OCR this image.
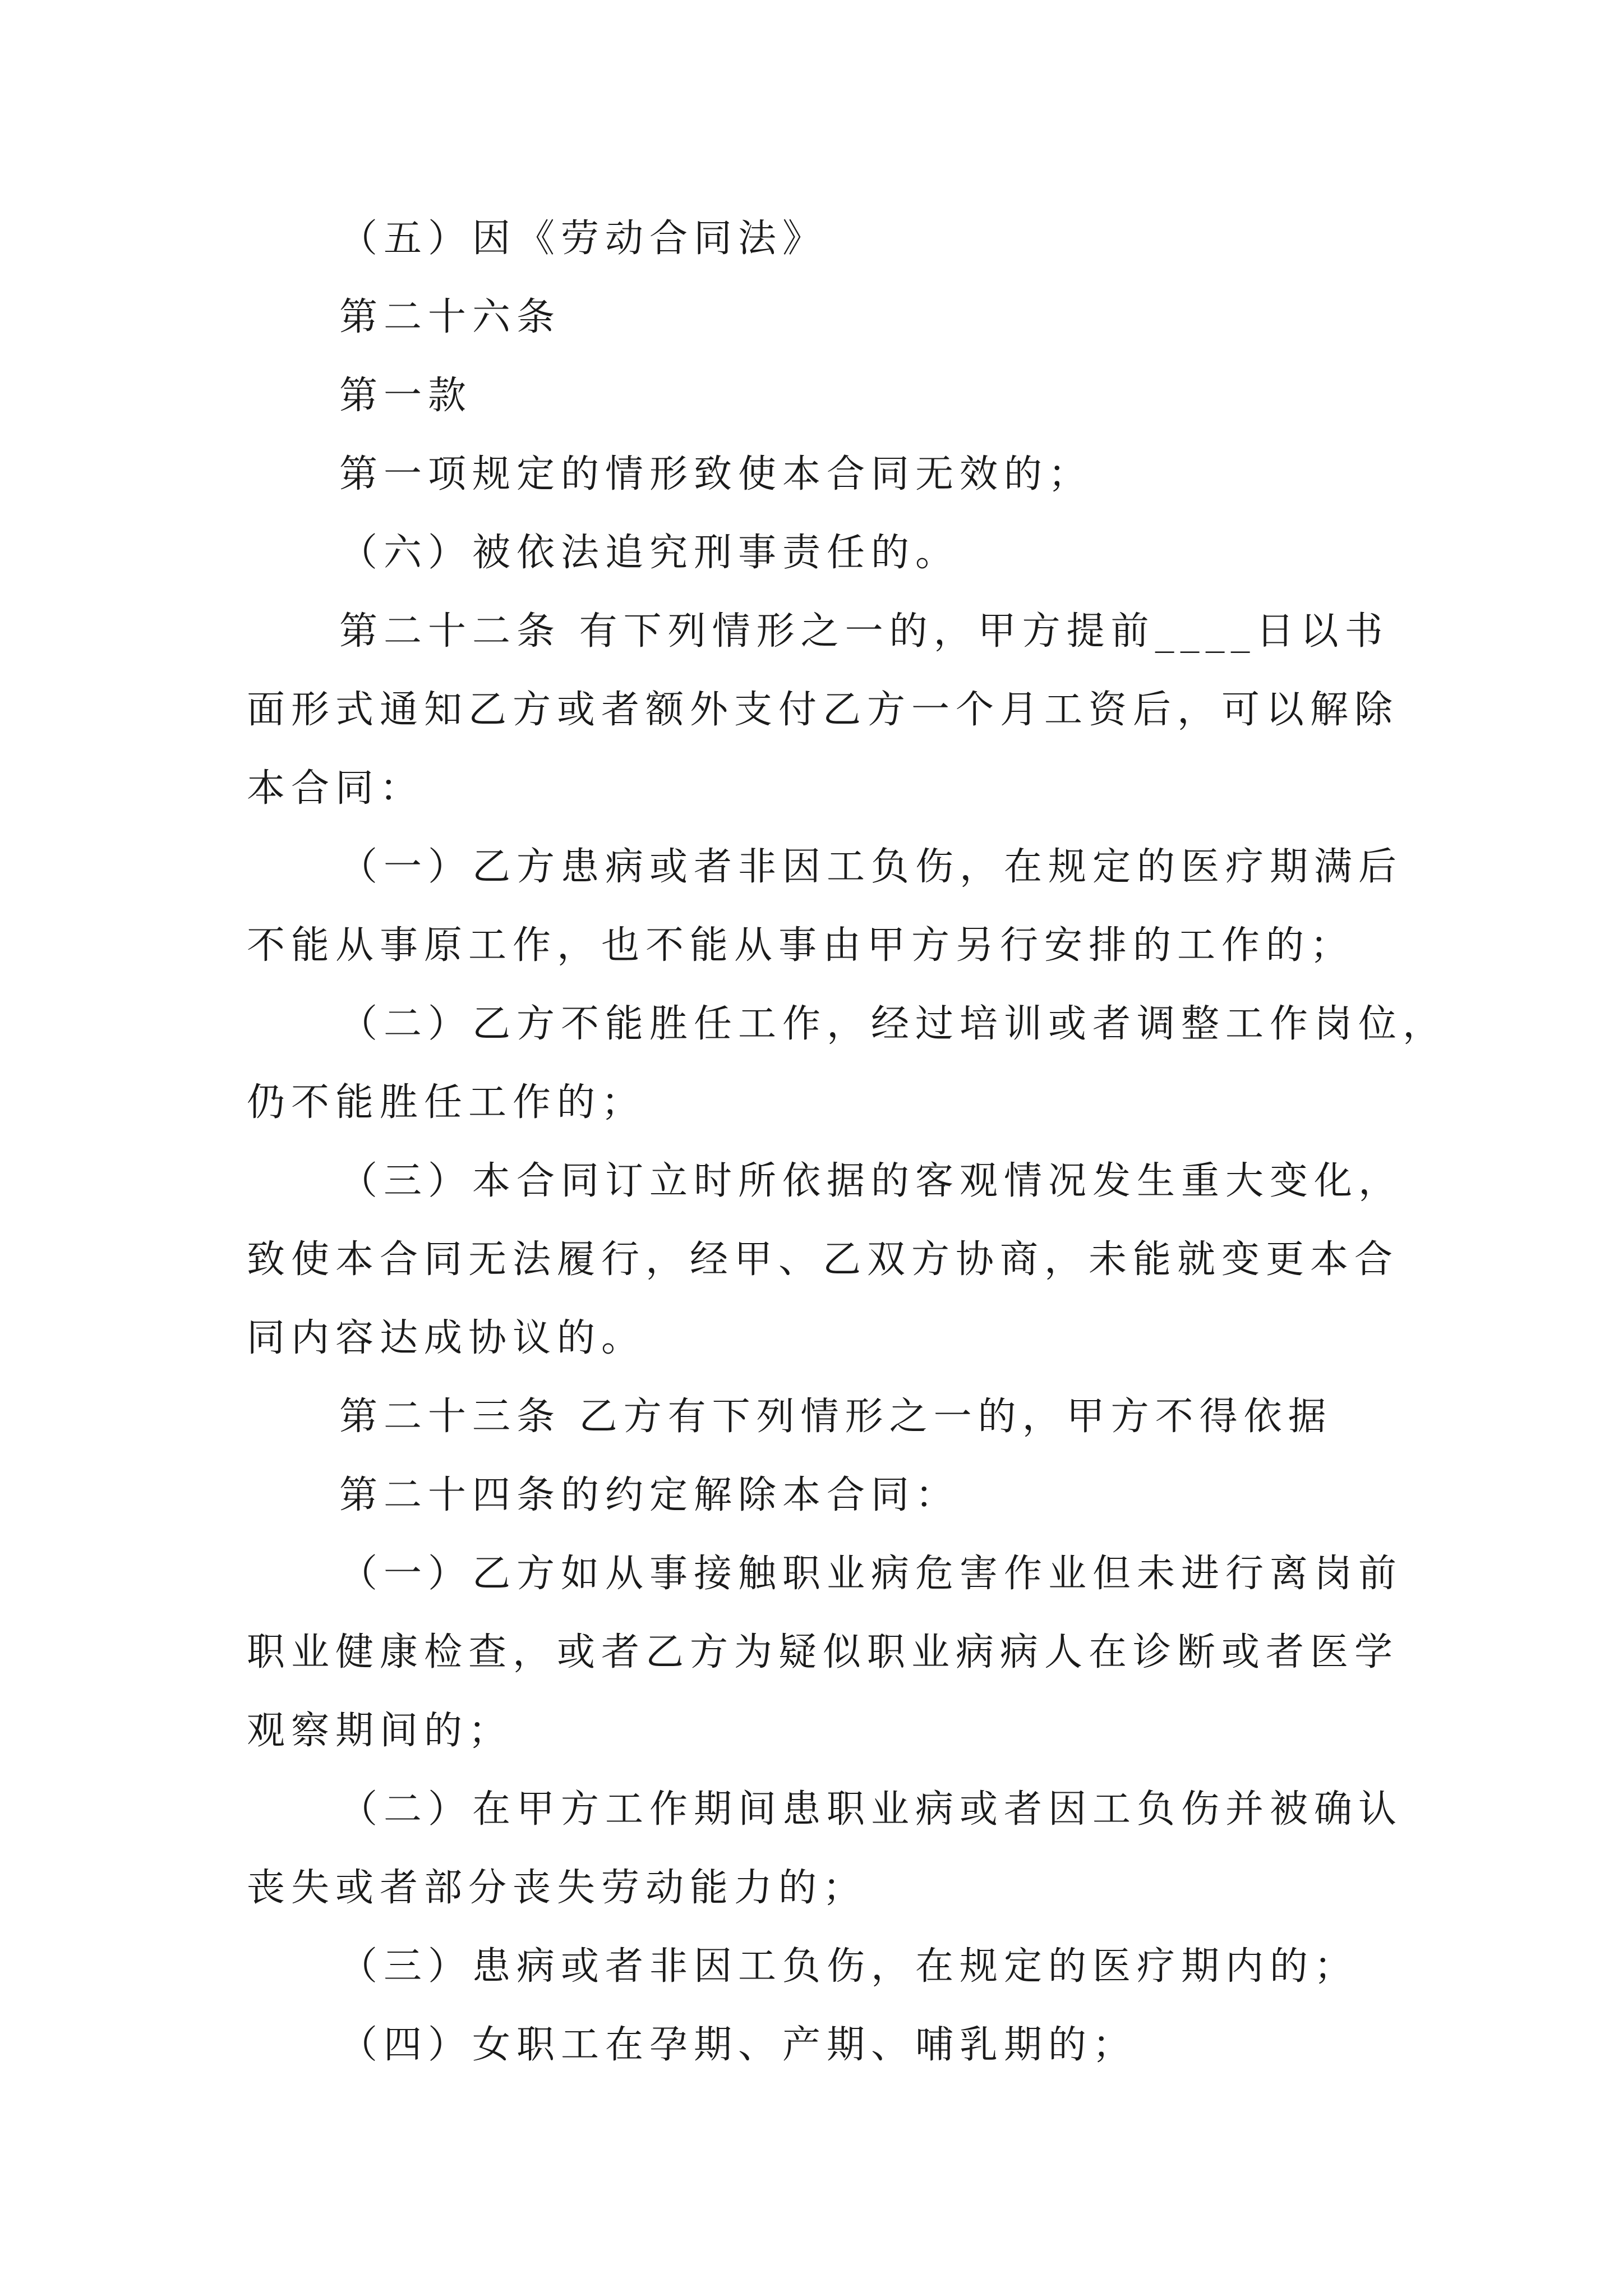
（五）因《劳动合同法》
第二十六条
第一款
第一项规定的情形致使本合同无效的；
（六）被依法追究刑事责任的。
第二十二条 有下列情形之一的，甲方提前____日以书
面形式通知乙方或者额外支付乙方一个月工资后，可以解除
本合同：
（一）乙方患病或者非因工负伤，在规定的医疗期满后
不能从事原工作，也不能从事由甲方另行安排的工作的；
（二）乙方不能胜任工作，经过培训或者调整工作岗位，
仍不能胜任工作的；
（三）本合同订立时所依据的客观情况发生重大变化，
致使本合同无法履行，经甲、乙双方协商，未能就变更本合
同内容达成协议的。
第二十三条 乙方有下列情形之一的，甲方不得依据
第二十四条的约定解除本合同：
（一）乙方如从事接触职业病危害作业但未进行离岗前
职业健康检查，或者乙方为疑似职业病病人在诊断或者医学
观察期间的；
（二）在甲方工作期间患职业病或者因工负伤并被确认
丧失或者部分丧失劳动能力的；
（三）患病或者非因工负伤，在规定的医疗期内的；
（四）女职工在孕期、产期、哺乳期的；
